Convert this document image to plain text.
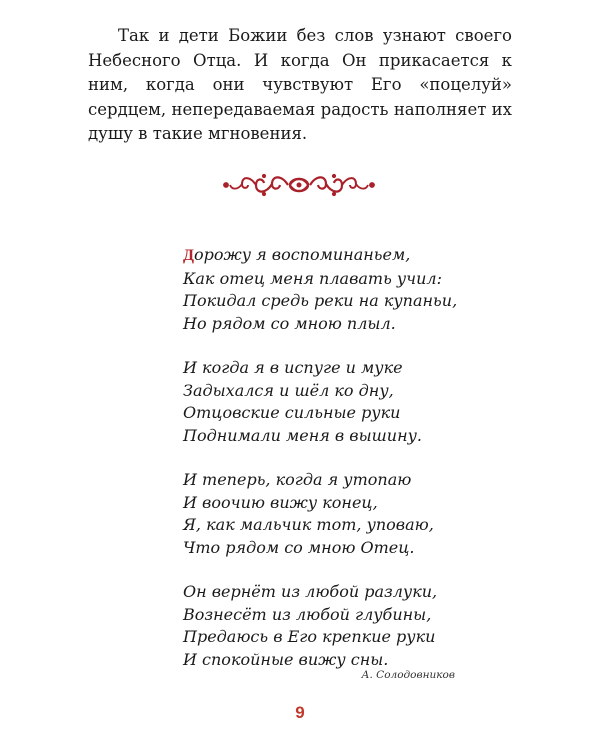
Так и дети Божии без слов узнают своего Небесного Отца. И когда Он прикасается к ним, когда они чувствуют Его «поцелуй» сердцем, непередаваемая радость наполняет их душу в такие мгновения.

Дорожу я воспоминаньем,
Как отец меня плавать учил:
Покидал средь реки на купаньи,
Но рядом со мною плыл.
И когда я в испуге и муке
Задыхался и шёл ко дну,
Отцовские сильные руки
Поднимали меня в вышину.
И теперь, когда я утопаю
И воочию вижу конец,
Я, как мальчик тот, уповаю,
Что рядом со мною Отец.
Он вернёт из любой разлуки,
Вознесёт из любой глубины,
Предаюсь в Его крепкие руки
И спокойные вижу сны.
А. Солодовников
9
